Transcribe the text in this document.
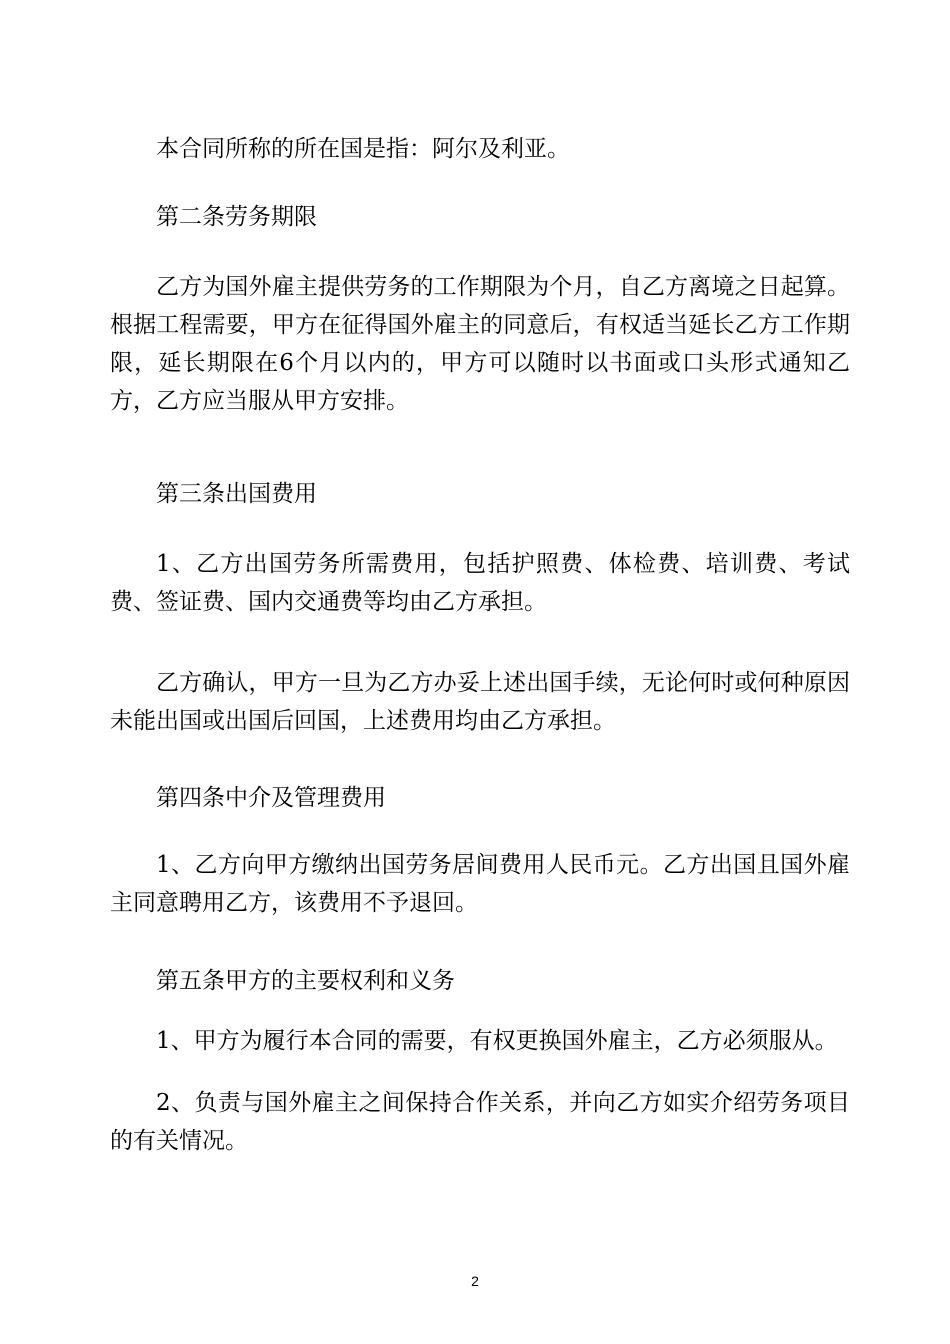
本合同所称的所在国是指：阿尔及利亚。

第二条劳务期限

乙方为国外雇主提供劳务的工作期限为个月，自乙方离境之日起算。根据工程需要，甲方在征得国外雇主的同意后，有权适当延长乙方工作期限，延长期限在6个月以内的，甲方可以随时以书面或口头形式通知乙方，乙方应当服从甲方安排。

第三条出国费用

1、乙方出国劳务所需费用，包括护照费、体检费、培训费、考试费、签证费、国内交通费等均由乙方承担。

乙方确认，甲方一旦为乙方办妥上述出国手续，无论何时或何种原因未能出国或出国后回国，上述费用均由乙方承担。

第四条中介及管理费用

1、乙方向甲方缴纳出国劳务居间费用人民币元。乙方出国且国外雇主同意聘用乙方，该费用不予退回。

第五条甲方的主要权利和义务

1、甲方为履行本合同的需要，有权更换国外雇主，乙方必须服从。

2、负责与国外雇主之间保持合作关系，并向乙方如实介绍劳务项目的有关情况。

2
